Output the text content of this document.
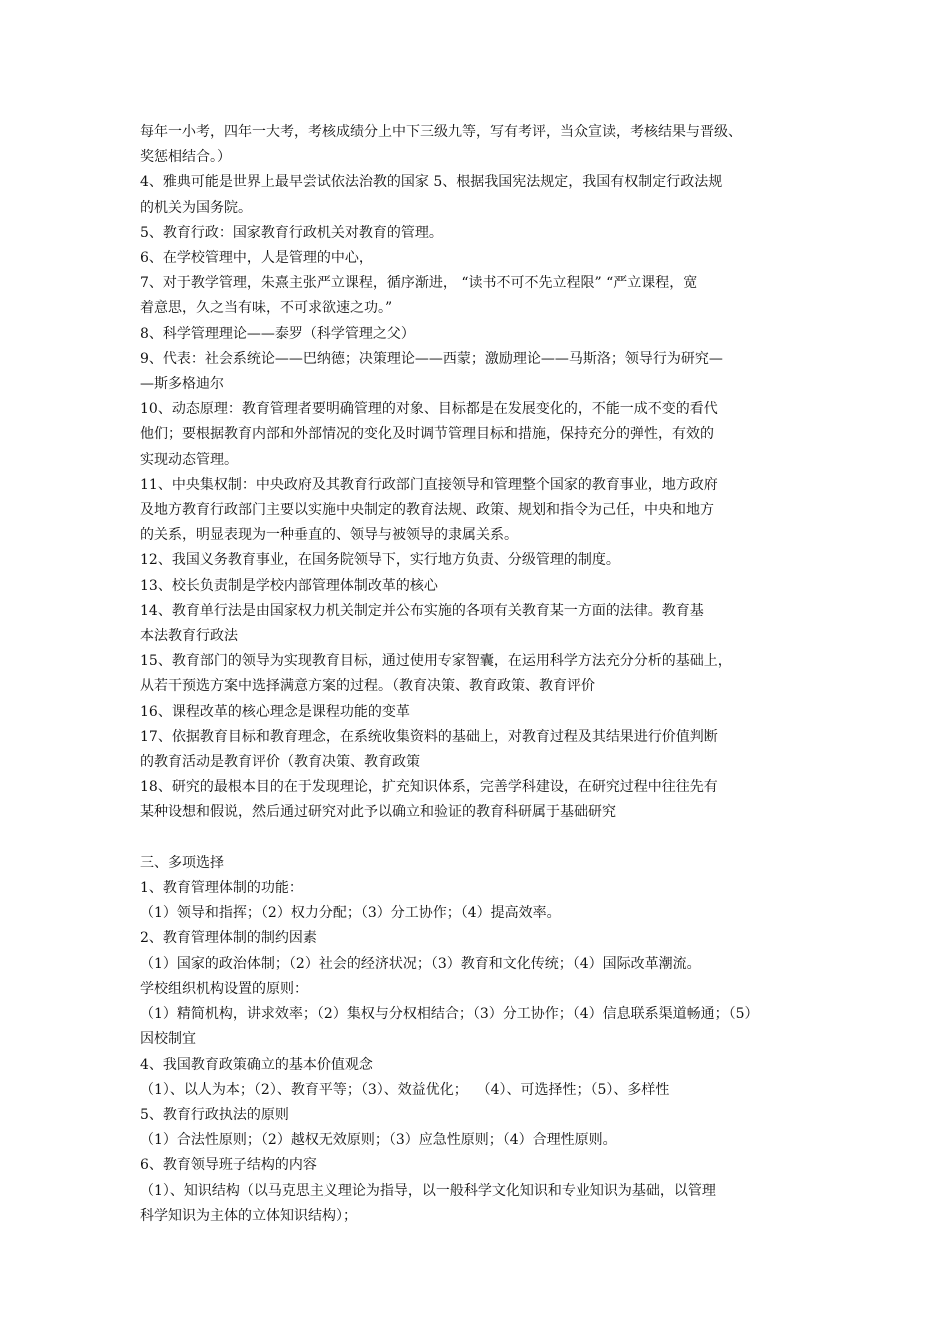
每年一小考，四年一大考，考核成绩分上中下三级九等，写有考评，当众宣读，考核结果与晋级、
奖惩相结合。）
4、雅典可能是世界上最早尝试依法治教的国家 5、根据我国宪法规定，我国有权制定行政法规
的机关为国务院。
5、教育行政：国家教育行政机关对教育的管理。
6、在学校管理中，人是管理的中心，
7、对于教学管理，朱熹主张严立课程，循序渐进， “读书不可不先立程限” “严立课程，宽
着意思，久之当有味，不可求欲速之功。”
8、科学管理理论——泰罗（科学管理之父）
9、代表：社会系统论——巴纳德；决策理论——西蒙；激励理论——马斯洛；领导行为研究—
—斯多格迪尔
10、动态原理：教育管理者要明确管理的对象、目标都是在发展变化的，不能一成不变的看代
他们；要根据教育内部和外部情况的变化及时调节管理目标和措施，保持充分的弹性，有效的
实现动态管理。
11、中央集权制：中央政府及其教育行政部门直接领导和管理整个国家的教育事业，地方政府
及地方教育行政部门主要以实施中央制定的教育法规、政策、规划和指令为己任，中央和地方
的关系，明显表现为一种垂直的、领导与被领导的隶属关系。
12、我国义务教育事业，在国务院领导下，实行地方负责、分级管理的制度。
13、校长负责制是学校内部管理体制改革的核心
14、教育单行法是由国家权力机关制定并公布实施的各项有关教育某一方面的法律。教育基
本法教育行政法
15、教育部门的领导为实现教育目标，通过使用专家智囊，在运用科学方法充分分析的基础上，
从若干预选方案中选择满意方案的过程。（教育决策、教育政策、教育评价
16、课程改革的核心理念是课程功能的变革
17、依据教育目标和教育理念，在系统收集资料的基础上，对教育过程及其结果进行价值判断
的教育活动是教育评价（教育决策、教育政策
18、研究的最根本目的在于发现理论，扩充知识体系，完善学科建设，在研究过程中往往先有
某种设想和假说，然后通过研究对此予以确立和验证的教育科研属于基础研究
三、多项选择
1、教育管理体制的功能：
（1）领导和指挥；（2）权力分配；（3）分工协作；（4）提高效率。
2、教育管理体制的制约因素
（1）国家的政治体制；（2）社会的经济状况；（3）教育和文化传统；（4）国际改革潮流。
学校组织机构设置的原则：
（1）精简机构，讲求效率；（2）集权与分权相结合；（3）分工协作；（4）信息联系渠道畅通；（5）
因校制宜
4、我国教育政策确立的基本价值观念
（1）、以人为本；（2）、教育平等；（3）、效益优化；  （4）、可选择性；（5）、多样性
5、教育行政执法的原则
（1）合法性原则；（2）越权无效原则；（3）应急性原则；（4）合理性原则。
6、教育领导班子结构的内容
（1）、知识结构（以马克思主义理论为指导，以一般科学文化知识和专业知识为基础，以管理
科学知识为主体的立体知识结构）；
